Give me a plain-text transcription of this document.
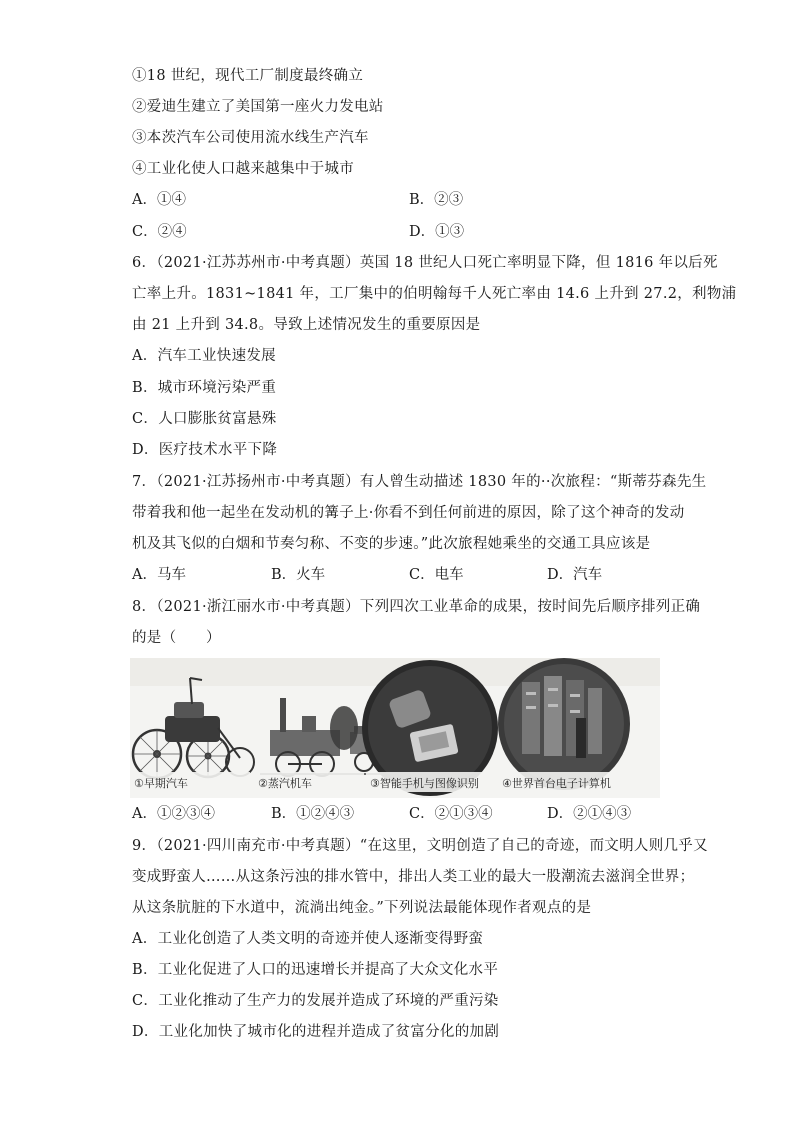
①18 世纪，现代工厂制度最终确立
②爱迪生建立了美国第一座火力发电站
③本茨汽车公司使用流水线生产汽车
④工业化使人口越来越集中于城市
A．①④	B．②③
C．②④	D．①③
6．（2021·江苏苏州市·中考真题）英国 18 世纪人口死亡率明显下降，但 1816 年以后死
亡率上升。1831~1841 年，工厂集中的伯明翰每千人死亡率由 14.6 上升到 27.2，利物浦
由 21 上升到 34.8。导致上述情况发生的重要原因是
A．汽车工业快速发展
B．城市环境污染严重
C．人口膨胀贫富悬殊
D．医疗技术水平下降
7．（2021·江苏扬州市·中考真题）有人曾生动描述 1830 年的··次旅程：“斯蒂芬森先生
带着我和他一起坐在发动机的篝子上·你看不到任何前进的原因，除了这个神奇的发动
机及其飞似的白烟和节奏匀称、不变的步速。”此次旅程她乘坐的交通工具应该是
A．马车	B．火车	C．电车	D．汽车
8．（2021·浙江丽水市·中考真题）下列四次工业革命的成果，按时间先后顺序排列正确
的是（　　）
①早期汽车	②蒸汽机车	③智能手机与图像识别 ④世界首台电子计算机
A．①②③④	B．①②④③	C．②①③④	D．②①④③
9．（2021·四川南充市·中考真题）“在这里，文明创造了自己的奇迹，而文明人则几乎又
变成野蛮人……从这条污浊的排水管中，排出人类工业的最大一股潮流去滋润全世界；
从这条肮脏的下水道中，流淌出纯金。”下列说法最能体现作者观点的是
A．工业化创造了人类文明的奇迹并使人逐渐变得野蛮
B．工业化促进了人口的迅速增长并提高了大众文化水平
C．工业化推动了生产力的发展并造成了环境的严重污染
D．工业化加快了城市化的进程并造成了贫富分化的加剧
